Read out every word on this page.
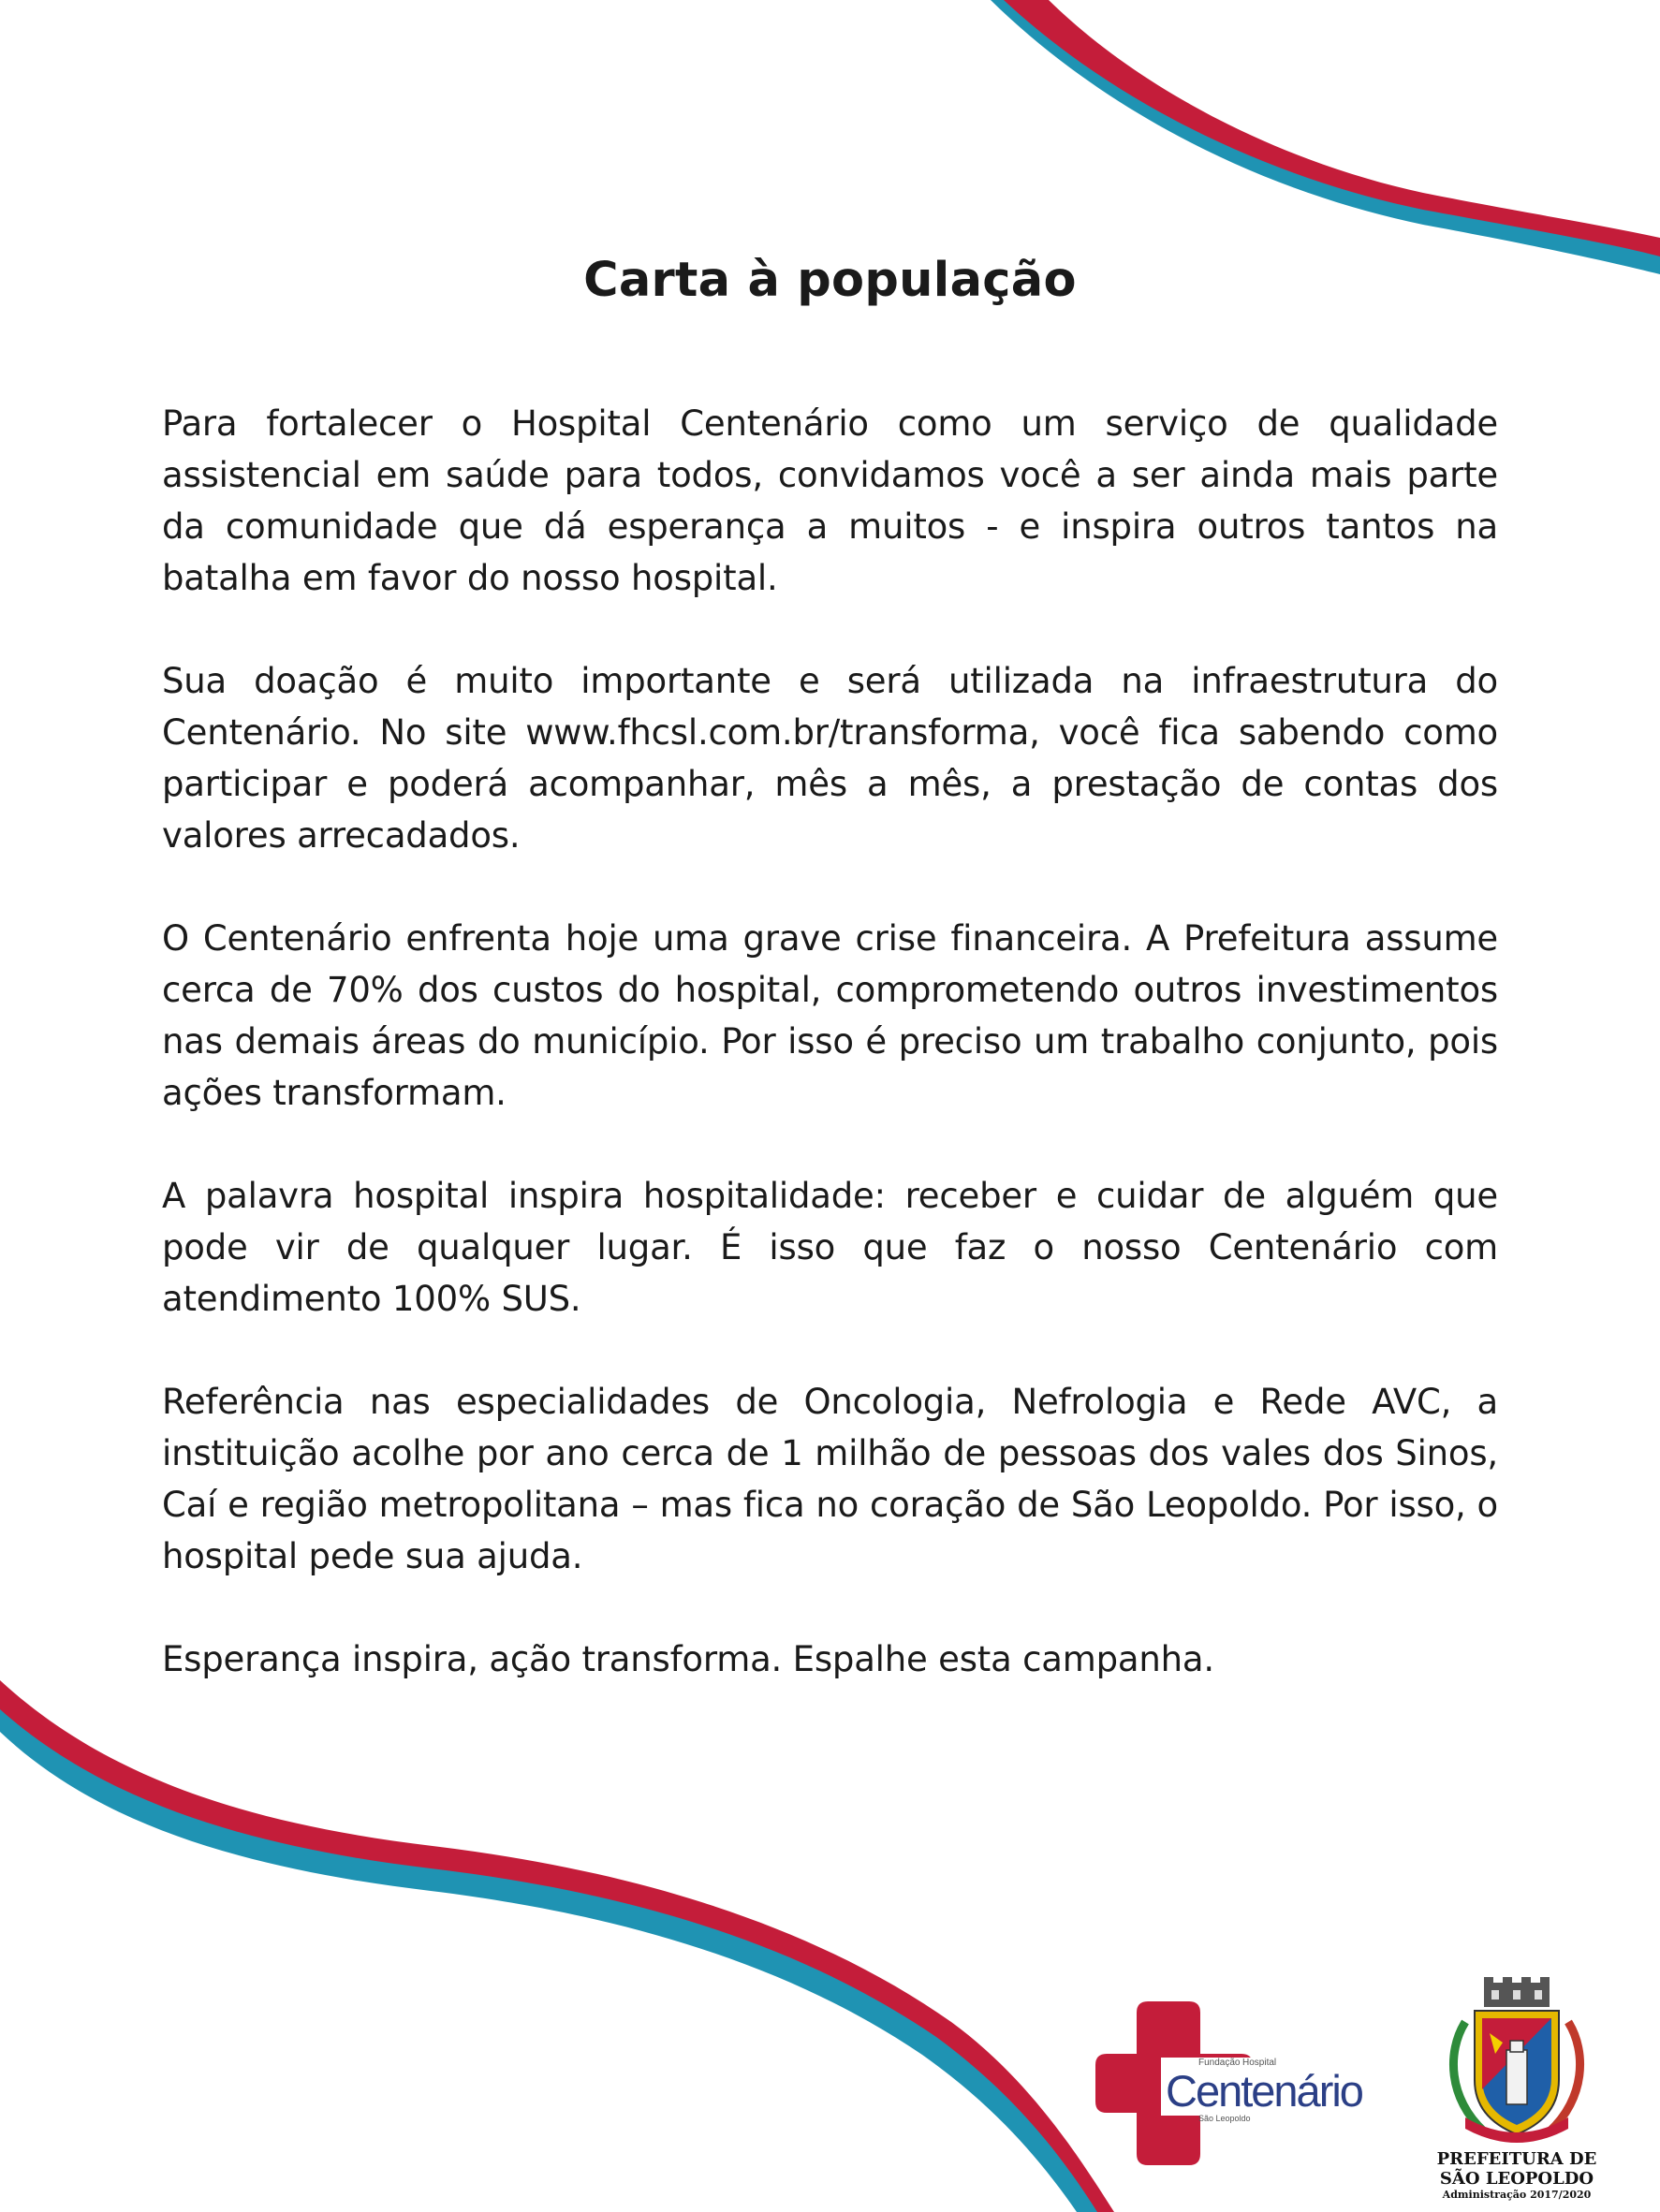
Carta à população

Para fortalecer o Hospital Centenário como um serviço de qualidade assistencial em saúde para todos, convidamos você a ser ainda mais parte da comunidade que dá esperança a muitos - e inspira outros tantos na batalha em favor do nosso hospital.

Sua doação é muito importante e será utilizada na infraestrutura do Centenário. No site www.fhcsl.com.br/transforma, você fica sabendo como participar e poderá acompanhar, mês a mês, a prestação de contas dos valores arrecadados.

O Centenário enfrenta hoje uma grave crise financeira. A Prefeitura assume cerca de 70% dos custos do hospital, comprometendo outros investimentos nas demais áreas do município. Por isso é preciso um trabalho conjunto, pois ações transformam.

A palavra hospital inspira hospitalidade: receber e cuidar de alguém que pode vir de qualquer lugar. É isso que faz o nosso Centenário com atendimento 100% SUS.

Referência nas especialidades de Oncologia, Nefrologia e Rede AVC, a instituição acolhe por ano cerca de 1 milhão de pessoas dos vales dos Sinos, Caí e região metropolitana – mas fica no coração de São Leopoldo. Por isso, o hospital pede sua ajuda.

Esperança inspira, ação transforma. Espalhe esta campanha.

Fundação Hospital
Centenário
São Leopoldo
PREFEITURA DE
SÃO LEOPOLDO
Administração 2017/2020
